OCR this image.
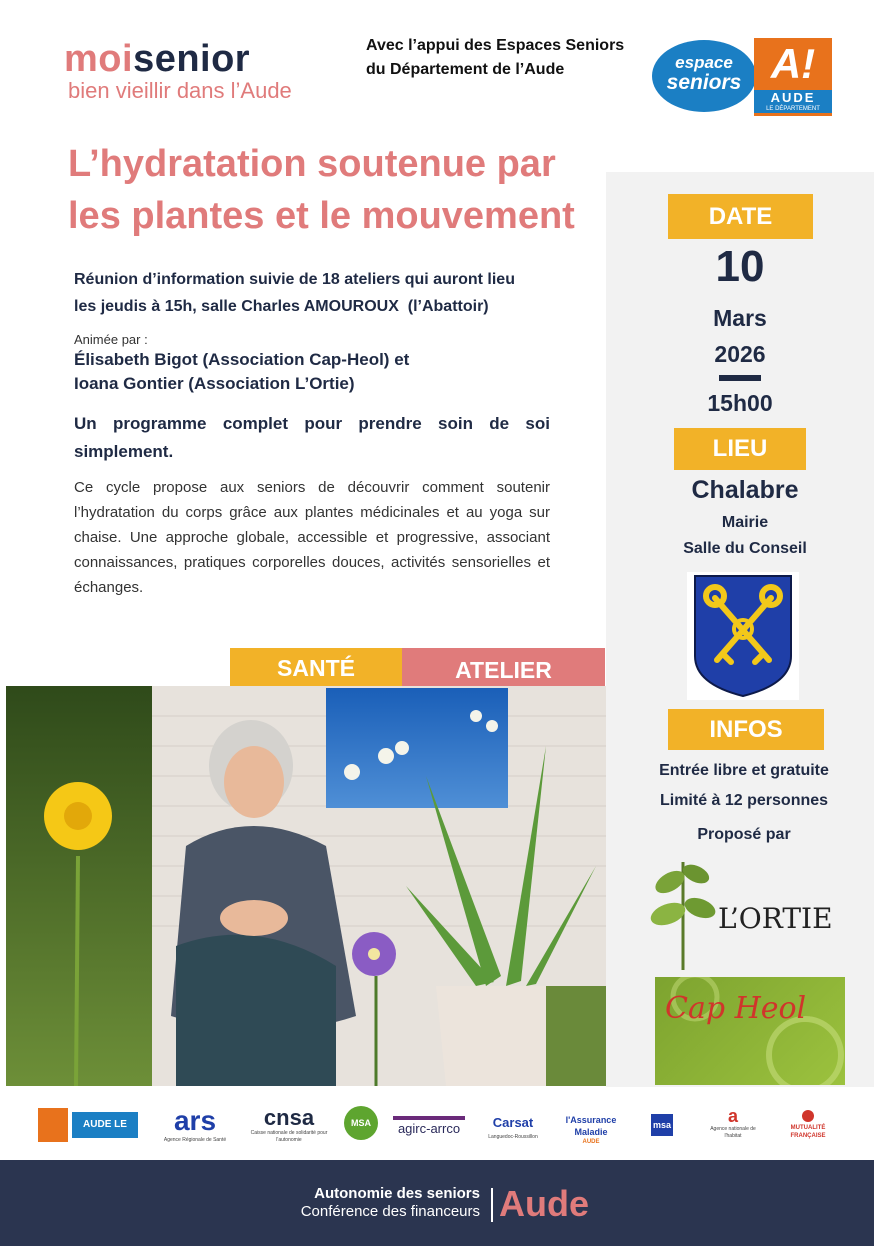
moisenior
bien vieillir dans l’Aude
Avec l’appui des Espaces Seniors
du Département de l’Aude	espace
seniors A!
AUDE
LE DÉPARTEMENT
L’hydratation soutenue par
les plantes et le mouvement
Réunion d’information suivie de 18 ateliers qui auront lieu
les jeudis à 15h, salle Charles AMOUROUX  (l’Abattoir)
Animée par :
Élisabeth Bigot (Association Cap-Heol) et
Ioana Gontier (Association L’Ortie)
Un programme complet pour prendre soin de soi simplement.
Ce cycle propose aux seniors de découvrir comment soutenir l’hydratation du corps grâce aux plantes médicinales et au yoga sur chaise. Une approche globale, accessible et progressive, associant connaissances, pratiques corporelles douces, activités sensorielles et échanges.
DATE
10
Mars
2026
15h00
LIEU
Chalabre
Mairie
Salle du Conseil
INFOS
Entrée libre et gratuite
Limité à 12 personnes
Proposé par
L’ORTIE
Cap Heol
SANTÉ	ATELIER
AUDE LE DÉPARTEMENT
ars
Agence Régionale de Santé
cnsa
Caisse nationale de solidarité pour l'autonomie
MSA	agirc-arrco	Carsat
Languedoc-Roussillon
l'Assurance Maladie
AUDE
msa	a
Agence nationale de l'habitat
MUTUALITÉ FRANÇAISE
Autonomie des seniors
Conférence des financeurs Aude
